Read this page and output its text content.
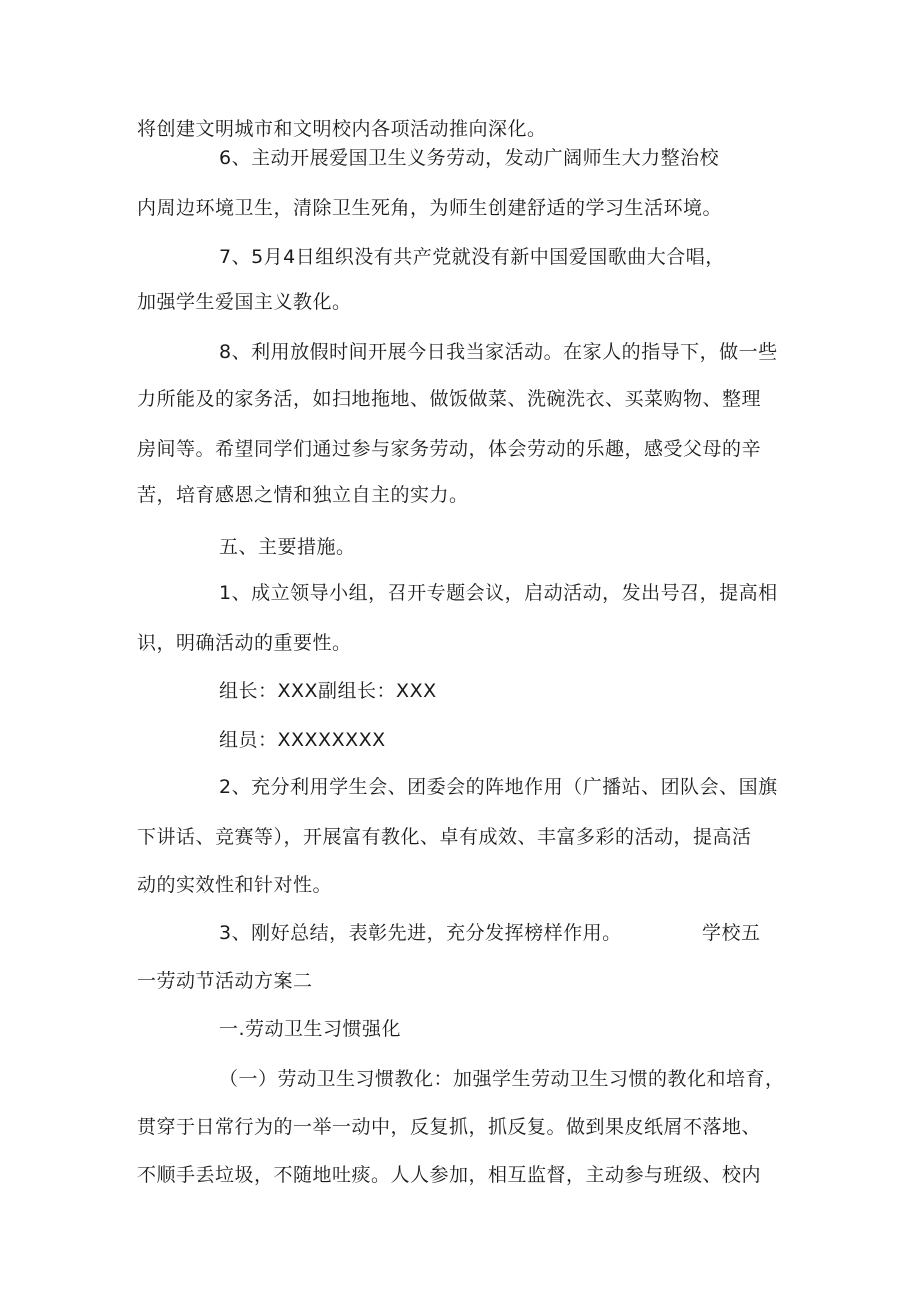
将创建文明城市和文明校内各项活动推向深化。
6、主动开展爱国卫生义务劳动，发动广阔师生大力整治校
内周边环境卫生，清除卫生死角，为师生创建舒适的学习生活环境。
7、5月4日组织没有共产党就没有新中国爱国歌曲大合唱，
加强学生爱国主义教化。
8、利用放假时间开展今日我当家活动。在家人的指导下，做一些
力所能及的家务活，如扫地拖地、做饭做菜、洗碗洗衣、买菜购物、整理
房间等。希望同学们通过参与家务劳动，体会劳动的乐趣，感受父母的辛
苦，培育感恩之情和独立自主的实力。
五、主要措施。
1、成立领导小组，召开专题会议，启动活动，发出号召，提高相
识，明确活动的重要性。
组长：XXX副组长：XXX
组员：XXXXXXXX
2、充分利用学生会、团委会的阵地作用（广播站、团队会、国旗
下讲话、竞赛等），开展富有教化、卓有成效、丰富多彩的活动，提高活
动的实效性和针对性。
3、刚好总结，表彰先进，充分发挥榜样作用。	学校五
一劳动节活动方案二
一.劳动卫生习惯强化
（一）劳动卫生习惯教化：加强学生劳动卫生习惯的教化和培育，
贯穿于日常行为的一举一动中，反复抓，抓反复。做到果皮纸屑不落地、
不顺手丢垃圾，不随地吐痰。人人参加，相互监督，主动参与班级、校内
